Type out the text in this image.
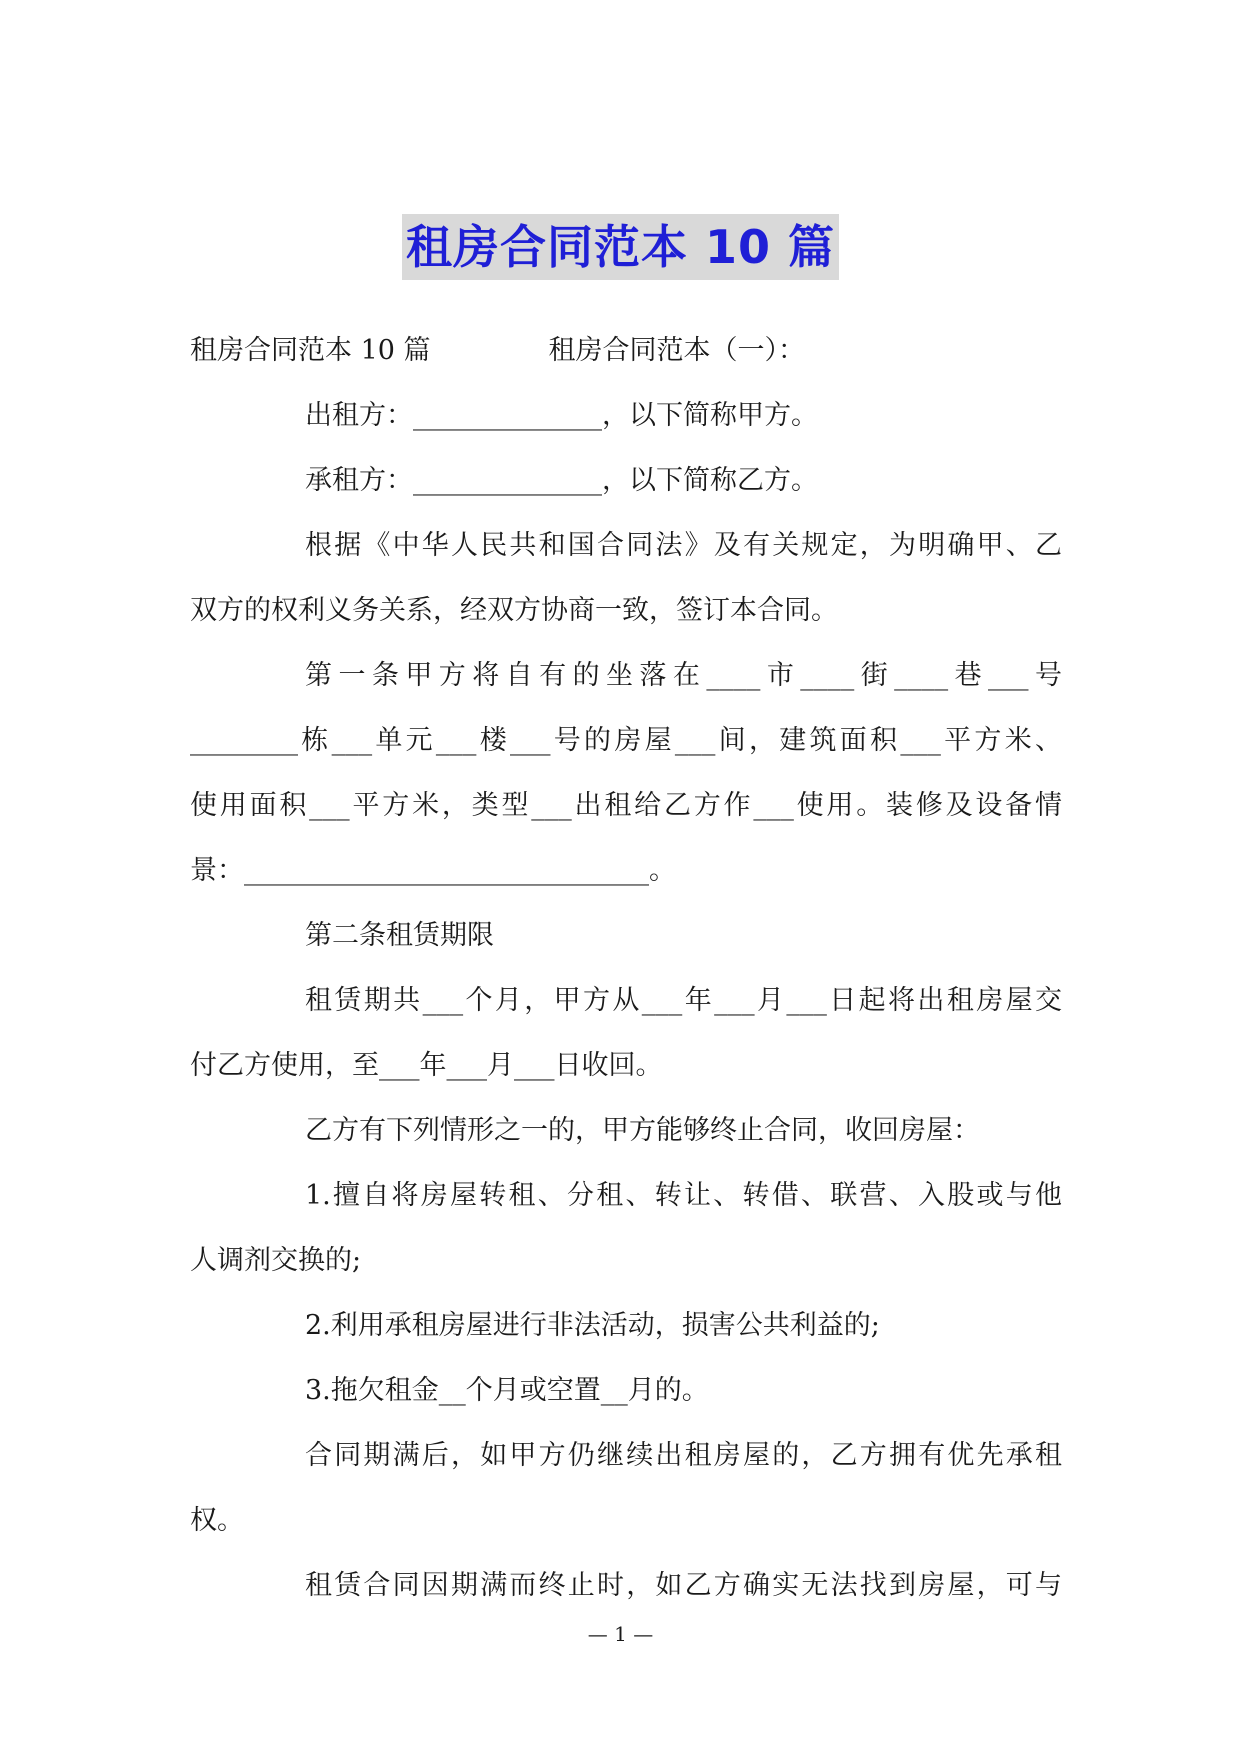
租房合同范本 10 篇
租房合同范本 10 篇	租房合同范本（一）：
出租方：______________，以下简称甲方。
承租方：______________，以下简称乙方。
根据《中华人民共和国合同法》及有关规定，为明确甲、乙
双方的权利义务关系，经双方协商一致，签订本合同。
第一条甲方将自有的坐落在____市____街____巷___号
________栋___单元___楼___号的房屋___间，建筑面积___平方米、
使用面积___平方米，类型___出租给乙方作___使用。装修及设备情
景：______________________________。
第二条租赁期限
租赁期共___个月，甲方从___年___月___日起将出租房屋交
付乙方使用，至___年___月___日收回。
乙方有下列情形之一的，甲方能够终止合同，收回房屋：
1.擅自将房屋转租、分租、转让、转借、联营、入股或与他
人调剂交换的;
2.利用承租房屋进行非法活动，损害公共利益的;
3.拖欠租金__个月或空置__月的。
合同期满后，如甲方仍继续出租房屋的，乙方拥有优先承租
权。
租赁合同因期满而终止时，如乙方确实无法找到房屋，可与
— 1 —
